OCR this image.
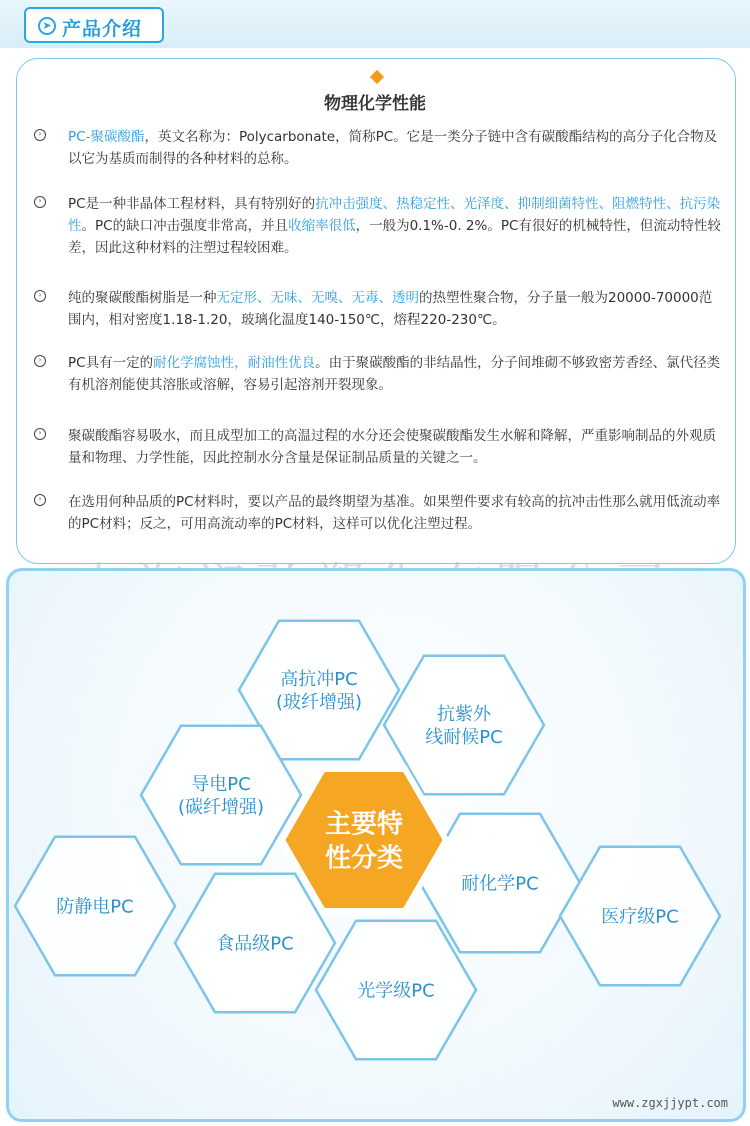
➤ 产品介绍
物理化学性能
›	PC-聚碳酸酯，英文名称为：Polycarbonate，简称PC。它是一类分子链中含有碳酸酯结构的高分子化合物及以它为基质而制得的各种材料的总称。
›	PC是一种非晶体工程材料，具有特别好的抗冲击强度、热稳定性、光泽度、抑制细菌特性、阻燃特性、抗污染性。PC的缺口冲击强度非常高，并且收缩率很低，一般为0.1%-0. 2%。PC有很好的机械特性，但流动特性较差，因此这种材料的注塑过程较困难。
›	纯的聚碳酸酯树脂是一种无定形、无味、无嗅、无毒、透明的热塑性聚合物，分子量一般为20000-70000范围内，相对密度1.18-1.20，玻璃化温度140-150℃，熔程220-230℃。
›	PC具有一定的耐化学腐蚀性，耐油性优良。由于聚碳酸酯的非结晶性，分子间堆砌不够致密芳香经、氯代径类有机溶剂能使其溶胀或溶解，容易引起溶剂开裂现象。
›	聚碳酸酯容易吸水，而且成型加工的高温过程的水分还会使聚碳酸酯发生水解和降解，严重影响制品的外观质量和物理、力学性能，因此控制水分含量是保证制品质量的关键之一。
›	在选用何种品质的PC材料时，要以产品的最终期望为基准。如果塑件要求有较高的抗冲击性那么就用低流动率的PC材料；反之，可用高流动率的PC材料，这样可以优化注塑过程。
高抗冲PC
(玻纤增强)
抗紫外
线耐候PC
导电PC
(碳纤增强)
耐化学PC
防静电PC
食品级PC
光学级PC
医疗级PC
主要特
性分类
www.zgxjjypt.com
